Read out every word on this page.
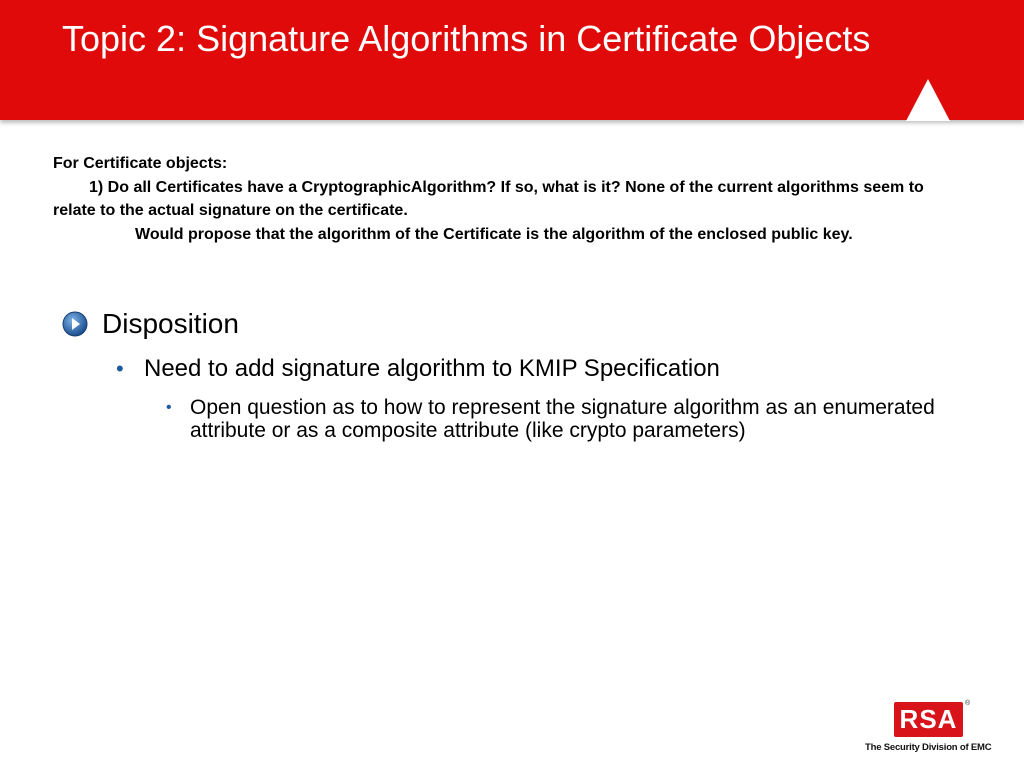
Topic 2: Signature Algorithms in Certificate Objects
For Certificate objects:
1) Do all Certificates have a CryptographicAlgorithm? If so, what is it? None of the current algorithms seem to relate to the actual signature on the certificate.
Would propose that the algorithm of the Certificate is the algorithm of the enclosed public key.
Disposition
• Need to add signature algorithm to KMIP Specification
• Open question as to how to represent the signature algorithm as an enumerated attribute or as a composite attribute (like crypto parameters)
RSA
®
The Security Division of EMC
